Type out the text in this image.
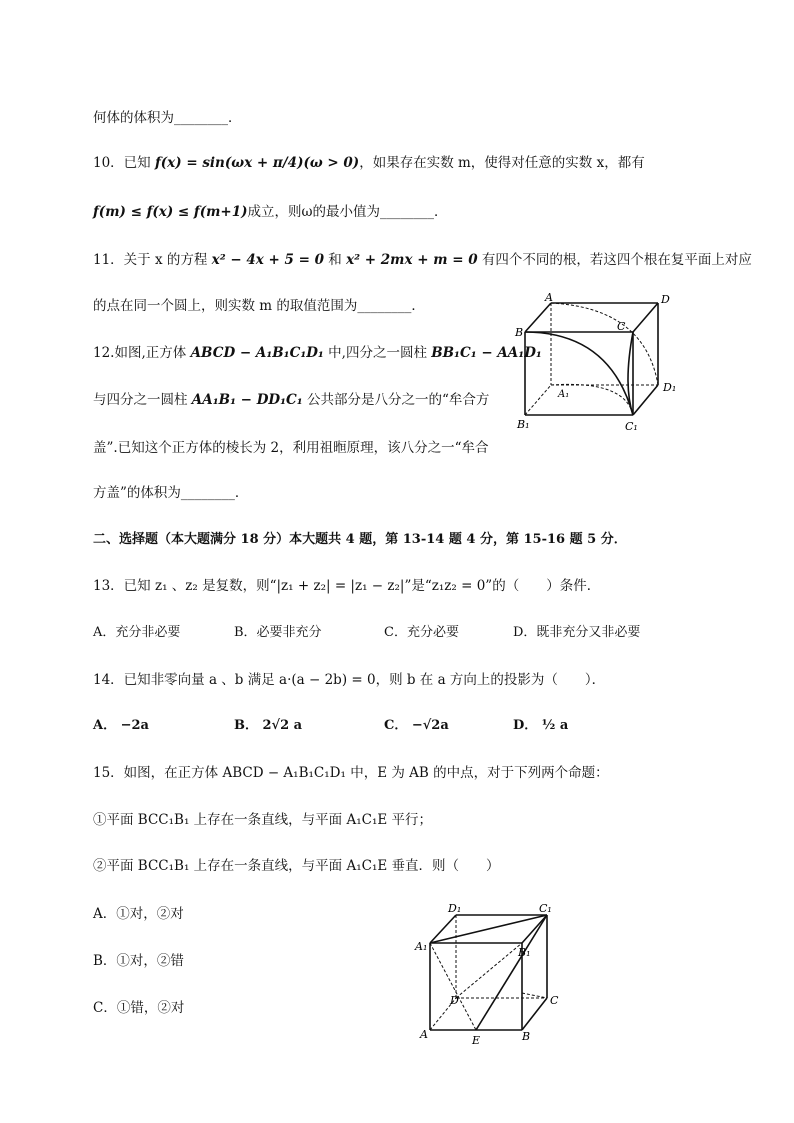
何体的体积为________．
10．已知 f(x) = sin(ωx + π/4)(ω > 0)，如果存在实数 m，使得对任意的实数 x，都有
f(m) ≤ f(x) ≤ f(m+1)成立，则ω的最小值为________．
11．关于 x 的方程 x² − 4x + 5 = 0 和 x² + 2mx + m = 0 有四个不同的根，若这四个根在复平面上对应
的点在同一个圆上，则实数 m 的取值范围为________．
12.如图,正方体 ABCD − A₁B₁C₁D₁ 中,四分之一圆柱 BB₁C₁ − AA₁D₁
与四分之一圆柱 AA₁B₁ − DD₁C₁ 公共部分是八分之一的“牟合方
盖”.已知这个正方体的棱长为 2，利用祖暅原理，该八分之一“牟合
方盖”的体积为________．
二、选择题（本大题满分 18 分）本大题共 4 题，第 13-14 题 4 分，第 15-16 题 5 分．
13．已知 z₁ 、z₂ 是复数，则“|z₁ + z₂| = |z₁ − z₂|”是“z₁z₂ = 0”的（　　）条件．
A．充分非必要	B．必要非充分	C．充分必要	D．既非充分又非必要
14．已知非零向量 a 、b 满足 a·(a − 2b) = 0，则 b 在 a 方向上的投影为（　　）．
A． −2a	B． 2√2 a	C． −√2a	D． ½ a
15．如图，在正方体 ABCD − A₁B₁C₁D₁ 中，E 为 AB 的中点，对于下列两个命题：
①平面 BCC₁B₁ 上存在一条直线，与平面 A₁C₁E 平行；
②平面 BCC₁B₁ 上存在一条直线，与平面 A₁C₁E 垂直．则（　　）
A．①对，②对
B．①对，②错
C．①错，②对
A	D
B	C
A₁
D₁
B₁	C₁
D₁	C₁
A₁	B₁
D	C
A	B
E
